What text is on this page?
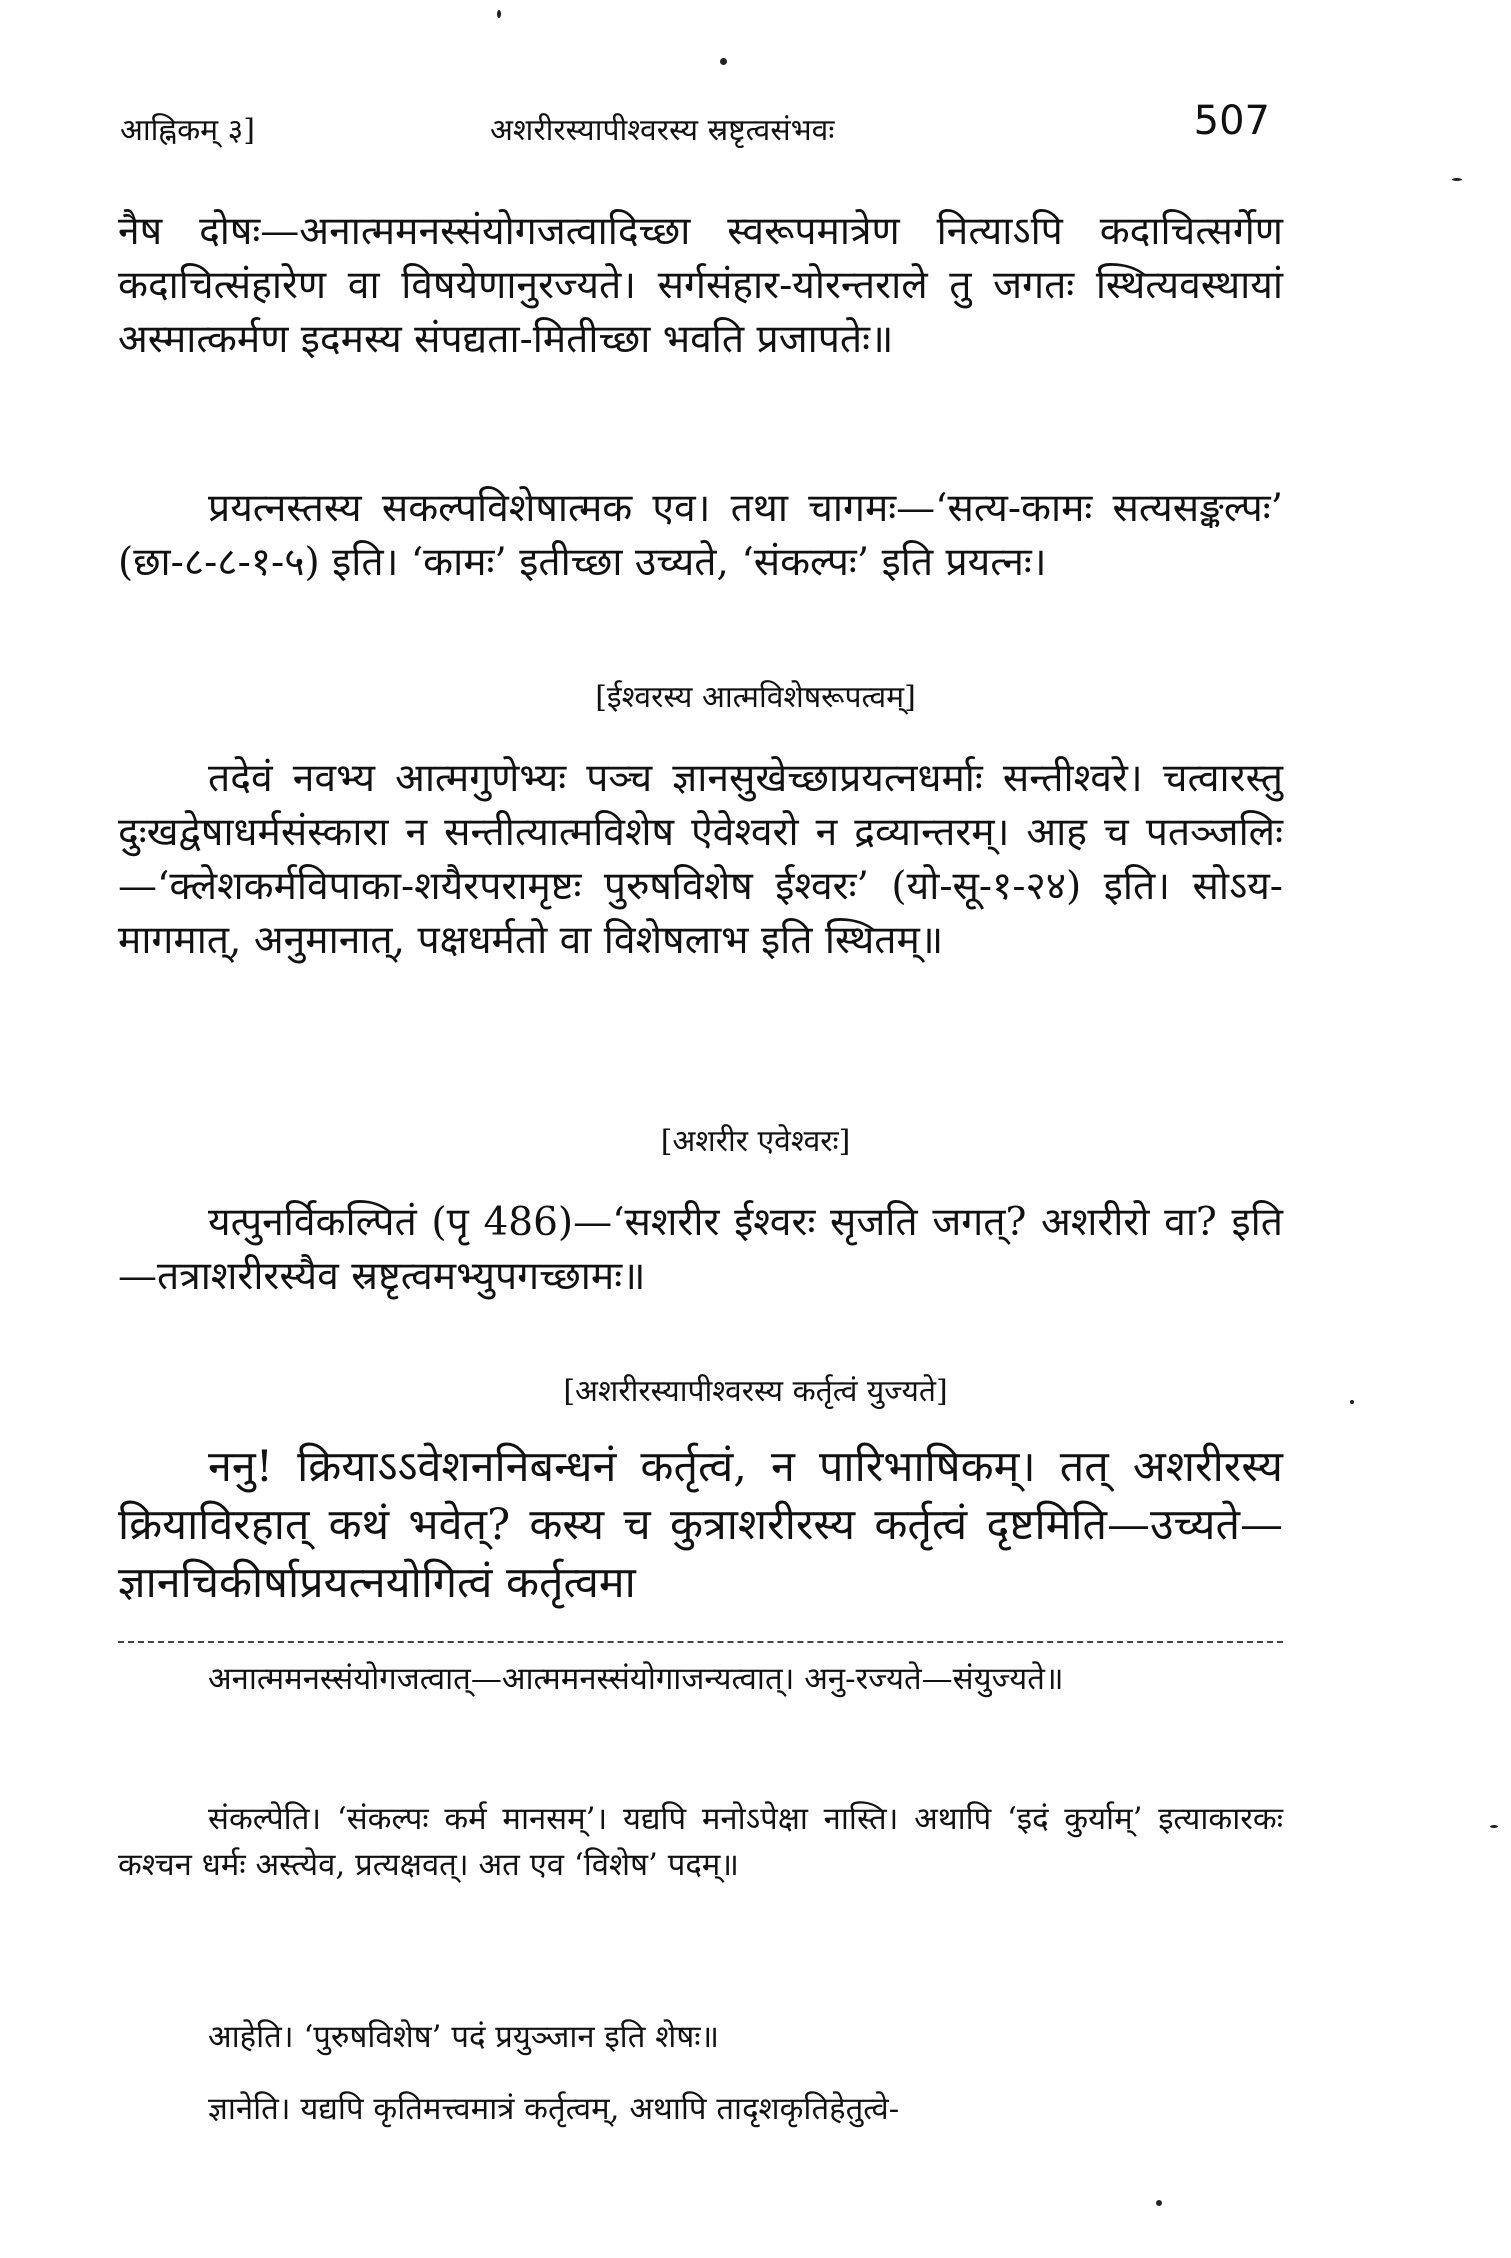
आह्निकम् ३]	अशरीरस्यापीश्वरस्य स्रष्टृत्वसंभवः	507

नैष दोषः—अनात्ममनस्संयोगजत्वादिच्छा स्वरूपमात्रेण नित्याऽपि कदाचित्सर्गेण कदाचित्संहारेण वा विषयेणानुरज्यते। सर्गसंहार-योरन्तराले तु जगतः स्थित्यवस्थायां अस्मात्कर्मण इदमस्य संपद्यता-मितीच्छा भवति प्रजापतेः॥

प्रयत्नस्तस्य सकल्पविशेषात्मक एव। तथा चागमः—‘सत्य-कामः सत्यसङ्कल्पः’ (छा-८-८-१-५) इति। ‘कामः’ इतीच्छा उच्यते, ‘संकल्पः’ इति प्रयत्नः।

[ईश्वरस्य आत्मविशेषरूपत्वम्]

तदेवं नवभ्य आत्मगुणेभ्यः पञ्च ज्ञानसुखेच्छाप्रयत्नधर्माः सन्तीश्वरे। चत्वारस्तु दुःखद्वेषाधर्मसंस्कारा न सन्तीत्यात्मविशेष ऐवेश्वरो न द्रव्यान्तरम्। आह च पतञ्जलिः—‘क्लेशकर्मविपाका-शयैरपरामृष्टः पुरुषविशेष ईश्वरः’ (यो-सू-१-२४) इति। सोऽय-मागमात्, अनुमानात्, पक्षधर्मतो वा विशेषलाभ इति स्थितम्॥

[अशरीर एवेश्वरः]

यत्पुनर्विकल्पितं (पृ 486)—‘सशरीर ईश्वरः सृजति जगत्? अशरीरो वा? इति—तत्राशरीरस्यैव स्रष्टृत्वमभ्युपगच्छामः॥

[अशरीरस्यापीश्वरस्य कर्तृत्वं युज्यते]

ननु! क्रियाऽऽवेशननिबन्धनं कर्तृत्वं, न पारिभाषिकम्। तत् अशरीरस्य क्रियाविरहात् कथं भवेत्? कस्य च कुत्राशरीरस्य कर्तृत्वं दृष्टमिति—उच्यते—ज्ञानचिकीर्षाप्रयत्नयोगित्वं कर्तृत्वमा

अनात्ममनस्संयोगजत्वात्—आत्ममनस्संयोगाजन्यत्वात्। अनु-रज्यते—संयुज्यते॥

संकल्पेति। ‘संकल्पः कर्म मानसम्’। यद्यपि मनोऽपेक्षा नास्ति। अथापि ‘इदं कुर्याम्’ इत्याकारकः कश्चन धर्मः अस्त्येव, प्रत्यक्षवत्। अत एव ‘विशेष’ पदम्॥

आहेति। ‘पुरुषविशेष’ पदं प्रयुञ्जान इति शेषः॥

ज्ञानेति। यद्यपि कृतिमत्त्वमात्रं कर्तृत्वम्, अथापि तादृशकृतिहेतुत्वे-
